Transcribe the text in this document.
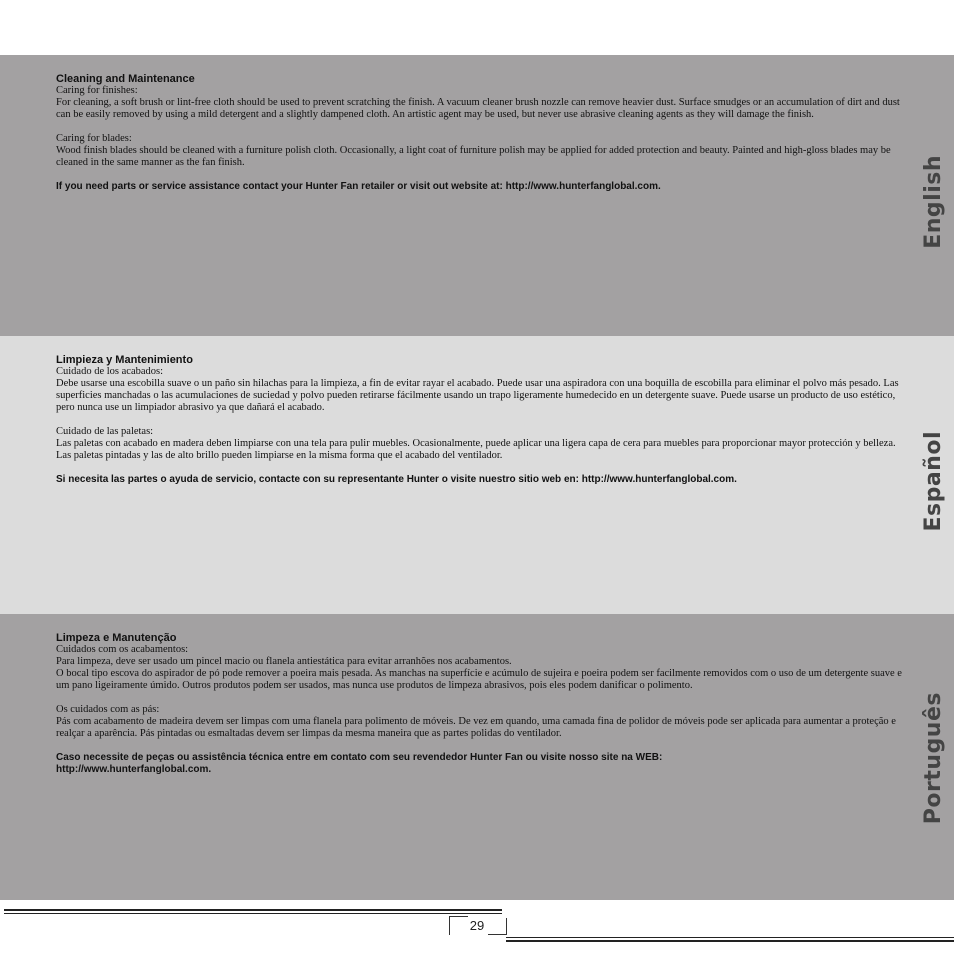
Cleaning and Maintenance

Caring for finishes:

For cleaning, a soft brush or lint-free cloth should be used to prevent scratching the finish. A vacuum cleaner brush nozzle can remove heavier dust. Surface smudges or an accumulation of dirt and dust can be easily removed by using a mild detergent and a slightly dampened cloth. An artistic agent may be used, but never use abrasive cleaning agents as they will damage the finish.

Caring for blades:

Wood finish blades should be cleaned with a furniture polish cloth. Occasionally, a light coat of furniture polish may be applied for added protection and beauty. Painted and high-gloss blades may be cleaned in the same manner as the fan finish.

If you need parts or service assistance contact your Hunter Fan retailer or visit out website at: http://www.hunterfanglobal.com.	English

Limpieza y Mantenimiento

Cuidado de los acabados:

Debe usarse una escobilla suave o un paño sin hilachas para la limpieza, a fin de evitar rayar el acabado. Puede usar una aspiradora con una boquilla de escobilla para eliminar el polvo más pesado. Las superficies manchadas o las acumulaciones de suciedad y polvo pueden retirarse fácilmente usando un trapo ligeramente humedecido en un detergente suave. Puede usarse un producto de uso estético, pero nunca use un limpiador abrasivo ya que dañará el acabado.

Cuidado de las paletas:

Las paletas con acabado en madera deben limpiarse con una tela para pulir muebles. Ocasionalmente, puede aplicar una ligera capa de cera para muebles para proporcionar mayor protección y belleza. Las paletas pintadas y las de alto brillo pueden limpiarse en la misma forma que el acabado del ventilador.

Si necesita las partes o ayuda de servicio, contacte con su representante Hunter o visite nuestro sitio web en: http://www.hunterfanglobal.com.	Español

Limpeza e Manutenção

Cuidados com os acabamentos:

Para limpeza, deve ser usado um pincel macio ou flanela antiestática para evitar arranhões nos acabamentos.

O bocal tipo escova do aspirador de pó pode remover a poeira mais pesada. As manchas na superfície e acúmulo de sujeira e poeira podem ser facilmente removidos com o uso de um detergente suave e um pano ligeiramente úmido. Outros produtos podem ser usados, mas nunca use produtos de limpeza abrasivos, pois eles podem danificar o polimento.

Os cuidados com as pás:

Pás com acabamento de madeira devem ser limpas com uma flanela para polimento de móveis. De vez em quando, uma camada fina de polidor de móveis pode ser aplicada para aumentar a proteção e realçar a aparência. Pás pintadas ou esmaltadas devem ser limpas da mesma maneira que as partes polidas do ventilador.

Caso necessite de peças ou assistência técnica entre em contato com seu revendedor Hunter Fan ou visite nosso site na WEB:

http://www.hunterfanglobal.com.	Português
29
